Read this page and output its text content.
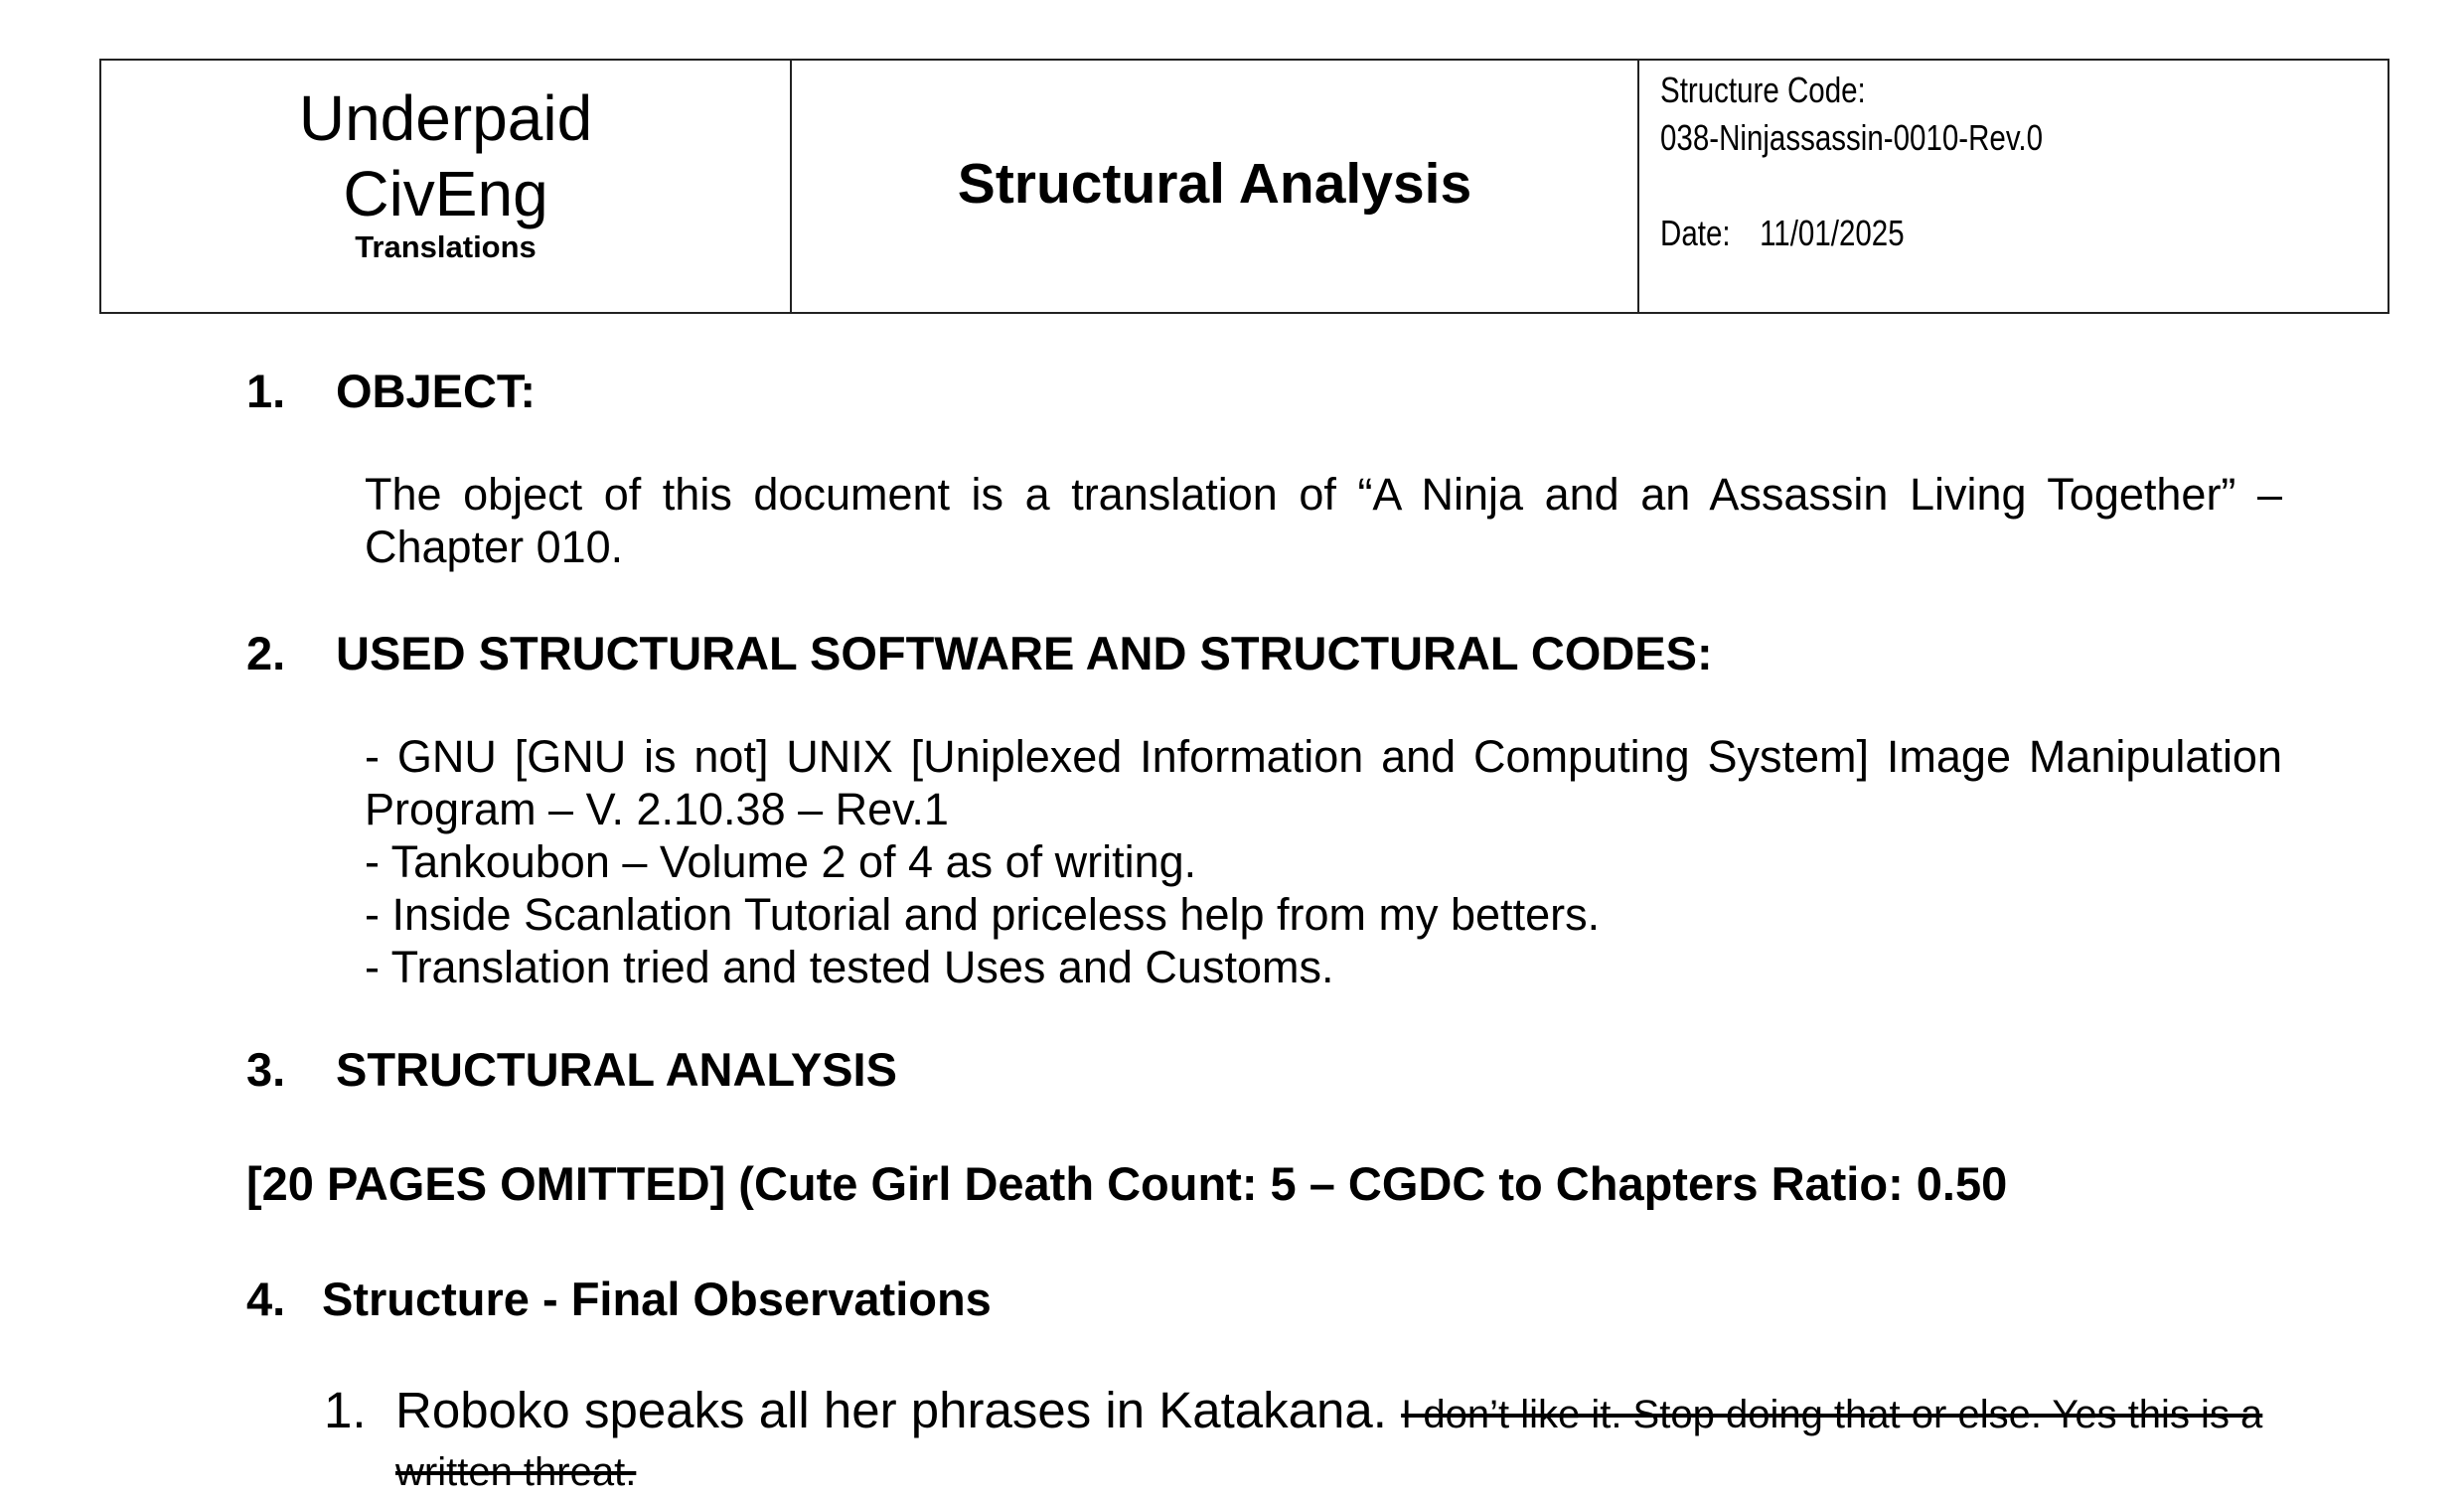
Underpaid
CivEng
Translations
Structural Analysis
Structure Code:
038-Ninjassassin-0010-Rev.0
Date: 11/01/2025
1. OBJECT:
The object of this document is a translation of “A Ninja and an Assassin Living Together” – Chapter 010.
2. USED STRUCTURAL SOFTWARE AND STRUCTURAL CODES:
- GNU [GNU is not] UNIX [Uniplexed Information and Computing System] Image Manipulation Program – V. 2.10.38 – Rev.1
- Tankoubon – Volume 2 of 4 as of writing.
- Inside Scanlation Tutorial and priceless help from my betters.
- Translation tried and tested Uses and Customs.
3. STRUCTURAL ANALYSIS
[20 PAGES OMITTED] (Cute Girl Death Count: 5 – CGDC to Chapters Ratio: 0.50
4. Structure - Final Observations
1. Roboko speaks all her phrases in Katakana. I don’t like it. Stop doing that or else. Yes this is a written threat.
